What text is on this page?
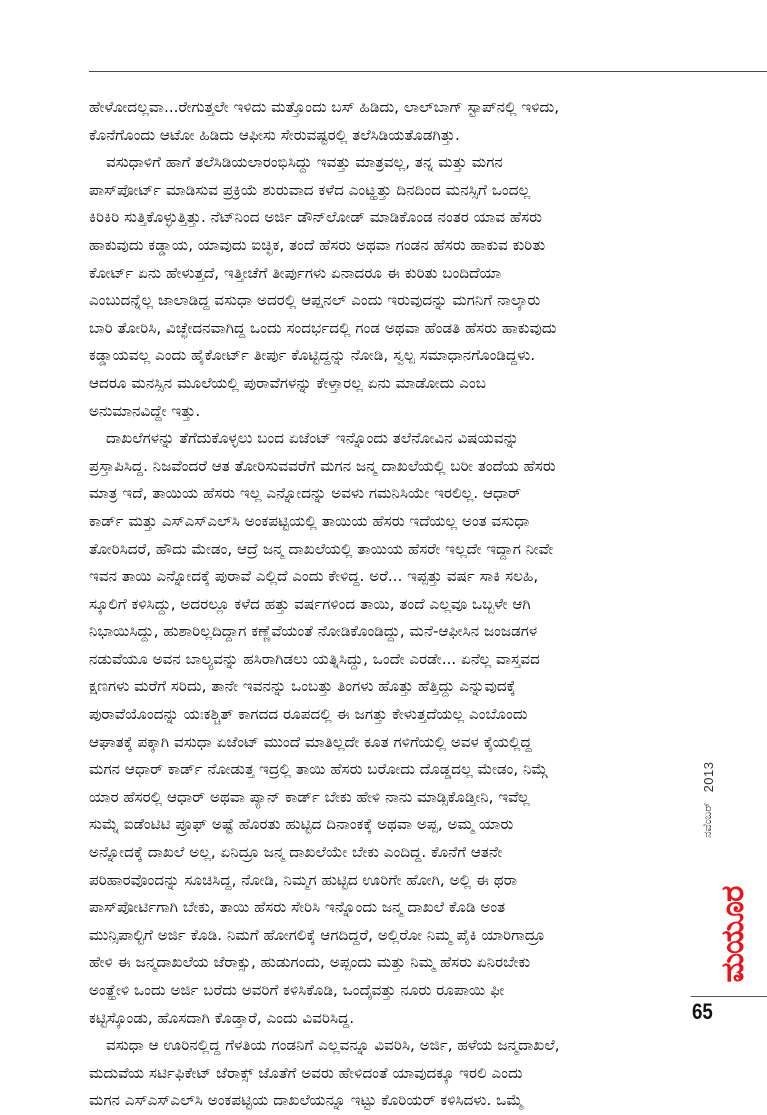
ಹೇಳೋದಲ್ಲವಾ...ರೇಗುತ್ತಲೇ ಇಳಿದು ಮತ್ತೊಂದು ಬಸ್ ಹಿಡಿದು, ಲಾಲ್‌ಬಾಗ್ ಸ್ಟಾಪ್‌ನಲ್ಲಿ ಇಳಿದು,
ಕೊನೆಗೊಂದು ಆಟೋ ಹಿಡಿದು ಆಫೀಸು ಸೇರುವಷ್ಟರಲ್ಲಿ ತಲೆಸಿಡಿಯತೊಡಗಿತ್ತು.
ವಸುಧಾಳಿಗೆ ಹಾಗೆ ತಲೆಸಿಡಿಯಲಾರಂಭಿಸಿದ್ದು ಇವತ್ತು ಮಾತ್ರವಲ್ಲ, ತನ್ನ ಮತ್ತು ಮಗನ
ಪಾಸ್‌ಪೋರ್ಟ್ ಮಾಡಿಸುವ ಪ್ರಕ್ರಿಯೆ ಶುರುವಾದ ಕಳೆದ ಎಂಟ್ಹತ್ತು ದಿನದಿಂದ ಮನಸ್ಸಿಗೆ ಒಂದಲ್ಲ
ಕಿರಿಕಿರಿ ಸುತ್ತಿಕೊಳ್ಳುತ್ತಿತ್ತು. ನೆಟ್‌ನಿಂದ ಅರ್ಜಿ ಡೌನ್‌ಲೋಡ್ ಮಾಡಿಕೊಂಡ ನಂತರ ಯಾವ ಹೆಸರು
ಹಾಕುವುದು ಕಡ್ಡಾಯ, ಯಾವುದು ಐಚ್ಛಿಕ, ತಂದೆ ಹೆಸರು ಅಥವಾ ಗಂಡನ ಹೆಸರು ಹಾಕುವ ಕುರಿತು
ಕೋರ್ಟ್ ಏನು ಹೇಳುತ್ತದೆ, ಇತ್ತೀಚೆಗೆ ತೀರ್ಪುಗಳು ಏನಾದರೂ ಈ ಕುರಿತು ಬಂದಿದೆಯಾ
ಎಂಬುದನ್ನೆಲ್ಲ ಜಾಲಾಡಿದ್ದ ವಸುಧಾ ಅದರಲ್ಲಿ ಆಪ್ಷನಲ್ ಎಂದು ಇರುವುದನ್ನು ಮಗನಿಗೆ ನಾಲ್ಕಾರು
ಬಾರಿ ತೋರಿಸಿ, ವಿಚ್ಛೇದನವಾಗಿದ್ದ ಒಂದು ಸಂದರ್ಭದಲ್ಲಿ ಗಂಡ ಅಥವಾ ಹೆಂಡತಿ ಹೆಸರು ಹಾಕುವುದು
ಕಡ್ಡಾಯವಲ್ಲ ಎಂದು ಹೈಕೋರ್ಟ್ ತೀರ್ಪು ಕೊಟ್ಟಿದ್ದನ್ನು ನೋಡಿ, ಸ್ವಲ್ಪ ಸಮಾಧಾನಗೊಂಡಿದ್ದಳು.
ಆದರೂ ಮನಸ್ಸಿನ ಮೂಲೆಯಲ್ಲಿ ಪುರಾವೆಗಳನ್ನು ಕೇಳ್ತಾರಲ್ಲ ಏನು ಮಾಡೋದು ಎಂಬ
ಅನುಮಾನವಿದ್ದೇ ಇತ್ತು.
ದಾಖಲೆಗಳನ್ನು ತೆಗೆದುಕೊಳ್ಳಲು ಬಂದ ಏಜೆಂಟ್ ಇನ್ನೊಂದು ತಲೆನೋವಿನ ವಿಷಯವನ್ನು
ಪ್ರಸ್ತಾಪಿಸಿದ್ದ. ನಿಜವೆಂದರೆ ಆತ ತೋರಿಸುವವರೆಗೆ ಮಗನ ಜನ್ಮ ದಾಖಲೆಯಲ್ಲಿ ಬರೀ ತಂದೆಯ ಹೆಸರು
ಮಾತ್ರ ಇದೆ, ತಾಯಿಯ ಹೆಸರು ಇಲ್ಲ ಎನ್ನೋದನ್ನು ಅವಳು ಗಮನಿಸಿಯೇ ಇರಲಿಲ್ಲ. ಆಧಾರ್
ಕಾರ್ಡ್ ಮತ್ತು ಎಸ್‌ಎಸ್‌ಎಲ್‌ಸಿ ಅಂಕಪಟ್ಟಿಯಲ್ಲಿ ತಾಯಿಯ ಹೆಸರು ಇದೆಯಲ್ಲ ಅಂತ ವಸುಧಾ
ತೋರಿಸಿದರೆ, ಹೌದು ಮೇಡಂ, ಆದ್ರೆ ಜನ್ಮ ದಾಖಲೆಯಲ್ಲಿ ತಾಯಿಯ ಹೆಸರೇ ಇಲ್ಲದೇ ಇದ್ದಾಗ ನೀವೇ
ಇವನ ತಾಯಿ ಎನ್ನೋದಕ್ಕೆ ಪುರಾವೆ ಎಲ್ಲಿದೆ ಎಂದು ಕೇಳಿದ್ದ. ಅರೆ... ಇಪ್ಪತ್ತು ವರ್ಷ ಸಾಕಿ ಸಲಹಿ,
ಸ್ಕೂಲಿಗೆ ಕಳಿಸಿದ್ದು, ಅದರಲ್ಲೂ ಕಳೆದ ಹತ್ತು ವರ್ಷಗಳಿಂದ ತಾಯಿ, ತಂದೆ ಎಲ್ಲವೂ ಒಬ್ಬಳೇ ಆಗಿ
ನಿಭಾಯಿಸಿದ್ದು, ಹುಶಾರಿಲ್ಲದಿದ್ದಾಗ ಕಣ್ಣೆವೆಯಂತೆ ನೋಡಿಕೊಂಡಿದ್ದು, ಮನೆ-ಆಫೀಸಿನ ಜಂಜಡಗಳ
ನಡುವೆಯೂ ಅವನ ಬಾಲ್ಯವನ್ನು ಹಸಿರಾಗಿಡಲು ಯತ್ನಿಸಿದ್ದು, ಒಂದೇ ಎರಡೇ... ಏನೆಲ್ಲ ವಾಸ್ತವದ
ಕ್ಷಣಗಳು ಮರೆಗೆ ಸರಿದು, ತಾನೇ ಇವನನ್ನು ಒಂಬತ್ತು ತಿಂಗಳು ಹೊತ್ತು ಹೆತ್ತಿದ್ದು ಎನ್ನುವುದಕ್ಕೆ
ಪುರಾವೆಯೊಂದನ್ನು ಯಃಕಶ್ಚಿತ್ ಕಾಗದದ ರೂಪದಲ್ಲಿ ಈ ಜಗತ್ತು ಕೇಳುತ್ತದೆಯಲ್ಲ ಎಂಬೊಂದು
ಆಘಾತಕ್ಕೆ ಪಕ್ಕಾಗಿ ವಸುಧಾ ಏಜೆಂಟ್ ಮುಂದೆ ಮಾತಿಲ್ಲದೇ ಕೂತ ಗಳಿಗೆಯಲ್ಲಿ ಅವಳ ಕೈಯಲ್ಲಿದ್ದ
ಮಗನ ಆಧಾರ್ ಕಾರ್ಡ್ ನೋಡುತ್ತ ಇದ್ರಲ್ಲಿ ತಾಯಿ ಹೆಸರು ಬರೋದು ದೊಡ್ಡದಲ್ಲ ಮೇಡಂ, ನಿಮ್ಗೆ
ಯಾರ ಹೆಸರಲ್ಲಿ ಆಧಾರ್ ಅಥವಾ ಪ್ಯಾನ್ ಕಾರ್ಡ್ ಬೇಕು ಹೇಳಿ ನಾನು ಮಾಡ್ಸಿಕೊಡ್ತೀನಿ, ಇವೆಲ್ಲ
ಸುಮ್ನೆ ಐಡೆಂಟಿಟಿ ಪ್ರೂಫ್ ಅಷ್ಟೆ ಹೊರತು ಹುಟ್ಟಿದ ದಿನಾಂಕಕ್ಕೆ ಅಥವಾ ಅಪ್ಪ, ಅಮ್ಮ ಯಾರು
ಅನ್ನೋದಕ್ಕೆ ದಾಖಲೆ ಅಲ್ಲ, ಏನಿದ್ರೂ ಜನ್ಮ ದಾಖಲೆಯೇ ಬೇಕು ಎಂದಿದ್ದ. ಕೊನೆಗೆ ಆತನೇ
ಪರಿಹಾರವೊಂದನ್ನು ಸೂಚಿಸಿದ್ದ, ನೋಡಿ, ನಿಮ್ಮಗ ಹುಟ್ಟಿದ ಊರಿಗೇ ಹೋಗಿ, ಅಲ್ಲಿ ಈ ಥರಾ
ಪಾಸ್‌ಪೋರ್ಟಿಗಾಗಿ ಬೇಕು, ತಾಯಿ ಹೆಸರು ಸೇರಿಸಿ ಇನ್ನೊಂದು ಜನ್ಮ ದಾಖಲೆ ಕೊಡಿ ಅಂತ
ಮುನ್ಸಿಪಾಲ್ಟಿಗೆ ಅರ್ಜಿ ಕೊಡಿ. ನಿಮಗೆ ಹೋಗಲಿಕ್ಕೆ ಆಗದಿದ್ದರೆ, ಅಲ್ಲಿರೋ ನಿಮ್ಮ ಪೈಕಿ ಯಾರಿಗಾದ್ರೂ
ಹೇಳಿ ಈ ಜನ್ಮದಾಖಲೆಯ ಜೆರಾಕ್ಸು, ಹುಡುಗಂದು, ಅಪ್ಪಂದು ಮತ್ತು ನಿಮ್ಮ ಹೆಸರು ಏನಿರಬೇಕು
ಅಂತ್ಹೇಳಿ ಒಂದು ಅರ್ಜಿ ಬರೆದು ಅವರಿಗೆ ಕಳಿಸಿಕೊಡಿ, ಒಂದೈವತ್ತು ನೂರು ರೂಪಾಯಿ ಫೀ
ಕಟ್ಟಿಸ್ಕೊಂಡು, ಹೊಸದಾಗಿ ಕೊಡ್ತಾರೆ, ಎಂದು ವಿವರಿಸಿದ್ದ.
ವಸುಧಾ ಆ ಊರಿನಲ್ಲಿದ್ದ ಗೆಳತಿಯ ಗಂಡನಿಗೆ ಎಲ್ಲವನ್ನೂ ವಿವರಿಸಿ, ಅರ್ಜಿ, ಹಳೆಯ ಜನ್ಮದಾಖಲೆ,
ಮದುವೆಯ ಸರ್ಟಿಫಿಕೇಟ್ ಜೆರಾಕ್ಸ್ ಜೊತೆಗೆ ಅವರು ಹೇಳಿದಂತೆ ಯಾವುದಕ್ಕೂ ಇರಲಿ ಎಂದು
ಮಗನ ಎಸ್‌ಎಸ್‌ಎಲ್‌ಸಿ ಅಂಕಪಟ್ಟಿಯ ದಾಖಲೆಯನ್ನೂ ಇಟ್ಟು ಕೊರಿಯರ್ ಕಳಿಸಿದಳು. ಒಮ್ಮೆ
ನವೆಂಬರ್
2013
ಮಯೂರ
65
